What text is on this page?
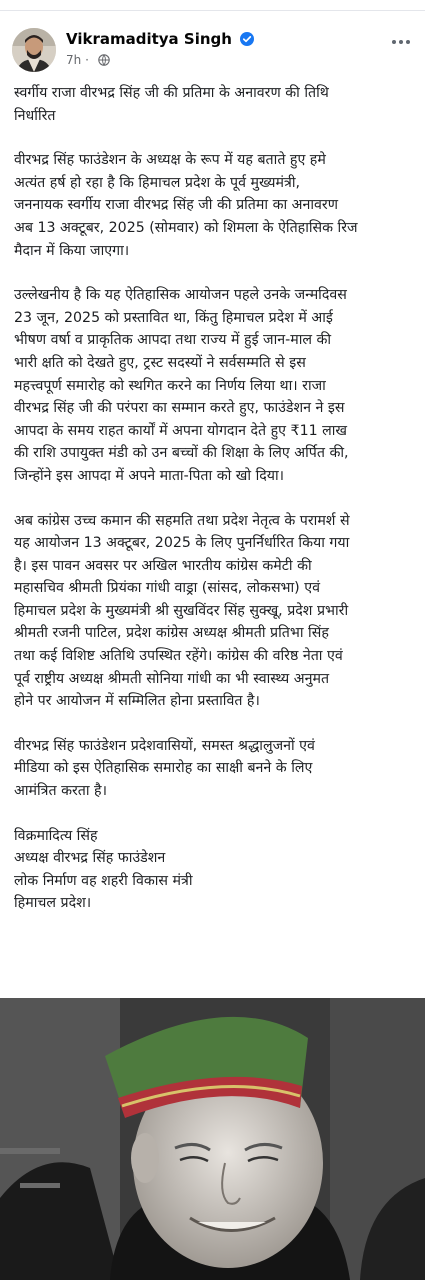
Vikramaditya Singh
7h ·

स्वर्गीय राजा वीरभद्र सिंह जी की प्रतिमा के अनावरण की तिथि
निर्धारित

वीरभद्र सिंह फाउंडेशन के अध्यक्ष के रूप में यह बताते हुए हमे
अत्यंत हर्ष हो रहा है कि हिमाचल प्रदेश के पूर्व मुख्यमंत्री,
जननायक स्वर्गीय राजा वीरभद्र सिंह जी की प्रतिमा का अनावरण
अब 13 अक्टूबर, 2025 (सोमवार) को शिमला के ऐतिहासिक रिज
मैदान में किया जाएगा।

उल्लेखनीय है कि यह ऐतिहासिक आयोजन पहले उनके जन्मदिवस
23 जून, 2025 को प्रस्तावित था, किंतु हिमाचल प्रदेश में आई
भीषण वर्षा व प्राकृतिक आपदा तथा राज्य में हुई जान-माल की
भारी क्षति को देखते हुए, ट्रस्ट सदस्यों ने सर्वसम्मति से इस
महत्त्वपूर्ण समारोह को स्थगित करने का निर्णय लिया था। राजा
वीरभद्र सिंह जी की परंपरा का सम्मान करते हुए, फाउंडेशन ने इस
आपदा के समय राहत कार्यों में अपना योगदान देते हुए ₹11 लाख
की राशि उपायुक्त मंडी को उन बच्चों की शिक्षा के लिए अर्पित की,
जिन्होंने इस आपदा में अपने माता-पिता को खो दिया।

अब कांग्रेस उच्च कमान की सहमति तथा प्रदेश नेतृत्व के परामर्श से
यह आयोजन 13 अक्टूबर, 2025 के लिए पुनर्निर्धारित किया गया
है। इस पावन अवसर पर अखिल भारतीय कांग्रेस कमेटी की
महासचिव श्रीमती प्रियंका गांधी वाड्रा (सांसद, लोकसभा) एवं
हिमाचल प्रदेश के मुख्यमंत्री श्री सुखविंदर सिंह सुक्खू, प्रदेश प्रभारी
श्रीमती रजनी पाटिल, प्रदेश कांग्रेस अध्यक्ष श्रीमती प्रतिभा सिंह
तथा कई विशिष्ट अतिथि उपस्थित रहेंगे। कांग्रेस की वरिष्ठ नेता एवं
पूर्व राष्ट्रीय अध्यक्ष श्रीमती सोनिया गांधी का भी स्वास्थ्य अनुमत
होने पर आयोजन में सम्मिलित होना प्रस्तावित है।

वीरभद्र सिंह फाउंडेशन प्रदेशवासियों, समस्त श्रद्धालुजनों एवं
मीडिया को इस ऐतिहासिक समारोह का साक्षी बनने के लिए
आमंत्रित करता है।

विक्रमादित्य सिंह
अध्यक्ष वीरभद्र सिंह फाउंडेशन
लोक निर्माण वह शहरी विकास मंत्री
हिमाचल प्रदेश।
